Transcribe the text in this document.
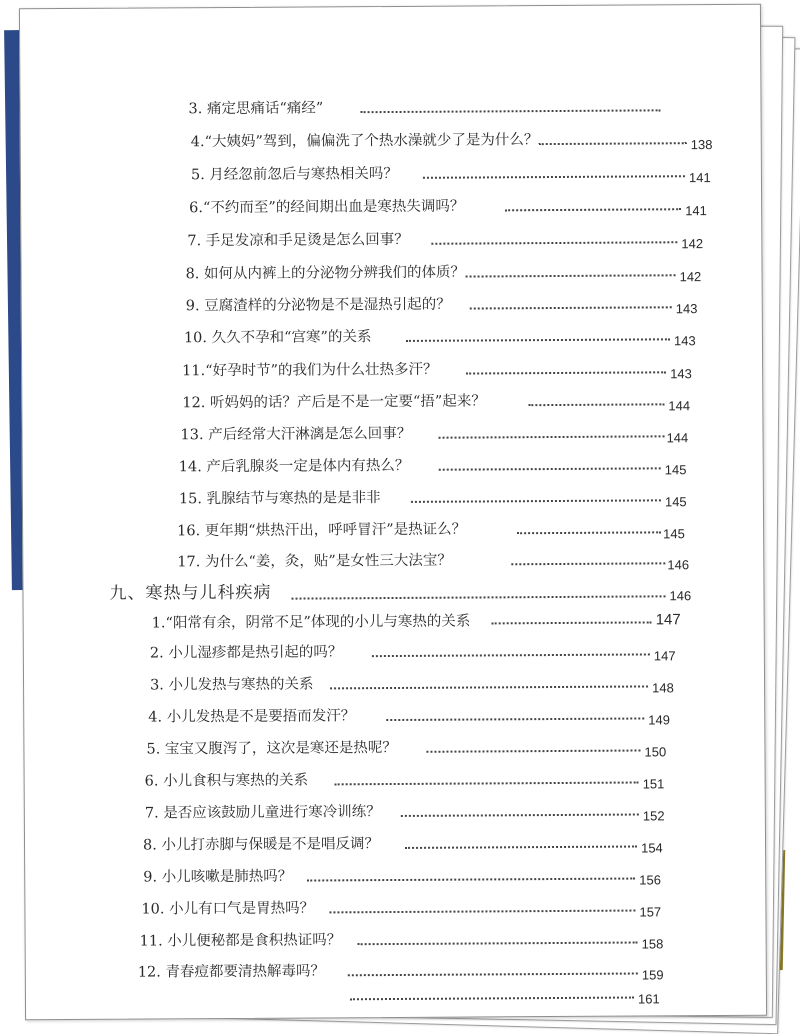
3. 痛定思痛话“痛经”
4.“大姨妈”驾到，偏偏洗了个热水澡就少了是为什么？	138
5. 月经忽前忽后与寒热相关吗？	141
6.“不约而至”的经间期出血是寒热失调吗？	141
7. 手足发凉和手足烫是怎么回事？	142
8. 如何从内裤上的分泌物分辨我们的体质？	142
9. 豆腐渣样的分泌物是不是湿热引起的？	143
10. 久久不孕和“宫寒”的关系	143
11.“好孕时节”的我们为什么壮热多汗？	143
12. 听妈妈的话？产后是不是一定要“捂”起来？	144
13. 产后经常大汗淋漓是怎么回事？	144
14. 产后乳腺炎一定是体内有热么？	145
15. 乳腺结节与寒热的是是非非	145
16. 更年期“烘热汗出，呼呼冒汗”是热证么？	145
17. 为什么“姜，灸，贴”是女性三大法宝？	146
九、寒热与儿科疾病	146
1.“阳常有余，阴常不足”体现的小儿与寒热的关系	147
2. 小儿湿疹都是热引起的吗？	147
3. 小儿发热与寒热的关系	148
4. 小儿发热是不是要捂而发汗？	149
5. 宝宝又腹泻了，这次是寒还是热呢？	150
6. 小儿食积与寒热的关系	151
7. 是否应该鼓励儿童进行寒冷训练？	152
8. 小儿打赤脚与保暖是不是唱反调？	154
9. 小儿咳嗽是肺热吗？	156
10. 小儿有口气是胃热吗？	157
11. 小儿便秘都是食积热证吗？	158
12. 青春痘都要清热解毒吗？	159
161
